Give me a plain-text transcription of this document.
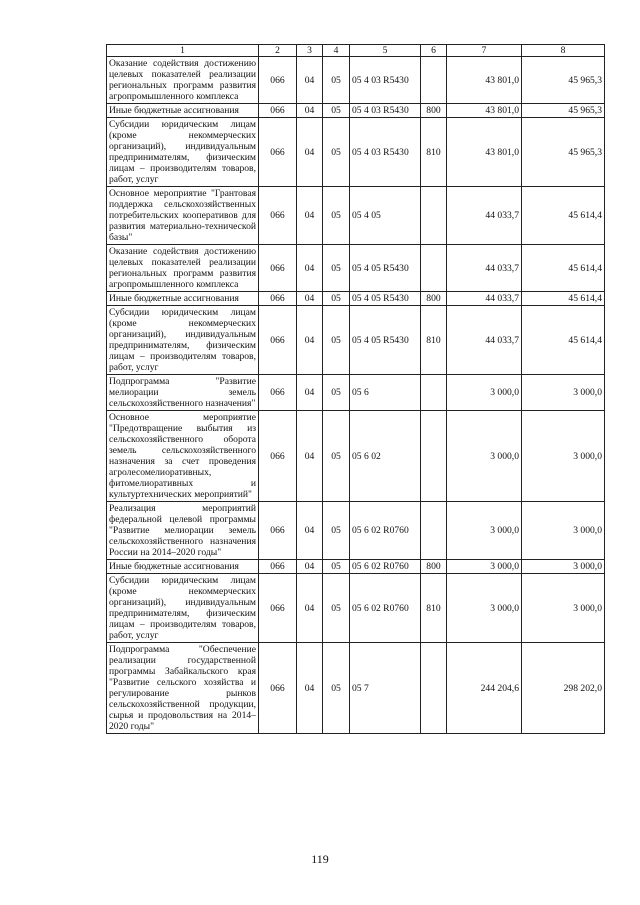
1	2	3	4	5	6	7	8
Оказание содействия достижению целевых показателей реализации региональных программ развития агропромышленного комплекса	066	04	05	05 4 03 R5430		43 801,0	45 965,3
Иные бюджетные ассигнования	066	04	05	05 4 03 R5430	800	43 801,0	45 965,3
Субсидии юридическим лицам (кроме некоммерческих организаций), индивидуальным предпринимателям, физическим лицам – производителям товаров, работ, услуг	066	04	05	05 4 03 R5430	810	43 801,0	45 965,3
Основное мероприятие "Грантовая поддержка сельскохозяйственных потребительских кооперативов для развития материально-технической базы"	066	04	05	05 4 05		44 033,7	45 614,4
Оказание содействия достижению целевых показателей реализации региональных программ развития агропромышленного комплекса	066	04	05	05 4 05 R5430		44 033,7	45 614,4
Иные бюджетные ассигнования	066	04	05	05 4 05 R5430	800	44 033,7	45 614,4
Субсидии юридическим лицам (кроме некоммерческих организаций), индивидуальным предпринимателям, физическим лицам – производителям товаров, работ, услуг	066	04	05	05 4 05 R5430	810	44 033,7	45 614,4
Подпрограмма "Развитие мелиорации земель сельскохозяйственного назначения"	066	04	05	05 6		3 000,0	3 000,0
Основное мероприятие "Предотвращение выбытия из сельскохозяйственного оборота земель сельскохозяйственного назначения за счет проведения агролесомелиоративных, фитомелиоративных и культуртехнических мероприятий"	066	04	05	05 6 02		3 000,0	3 000,0
Реализация мероприятий федеральной целевой программы "Развитие мелиорации земель сельскохозяйственного назначения России на 2014–2020 годы"	066	04	05	05 6 02 R0760		3 000,0	3 000,0
Иные бюджетные ассигнования	066	04	05	05 6 02 R0760	800	3 000,0	3 000,0
Субсидии юридическим лицам (кроме некоммерческих организаций), индивидуальным предпринимателям, физическим лицам – производителям товаров, работ, услуг	066	04	05	05 6 02 R0760	810	3 000,0	3 000,0
Подпрограмма "Обеспечение реализации государственной программы Забайкальского края "Развитие сельского хозяйства и регулирование рынков сельскохозяйственной продукции, сырья и продовольствия на 2014–2020 годы"	066	04	05	05 7		244 204,6	298 202,0
119
